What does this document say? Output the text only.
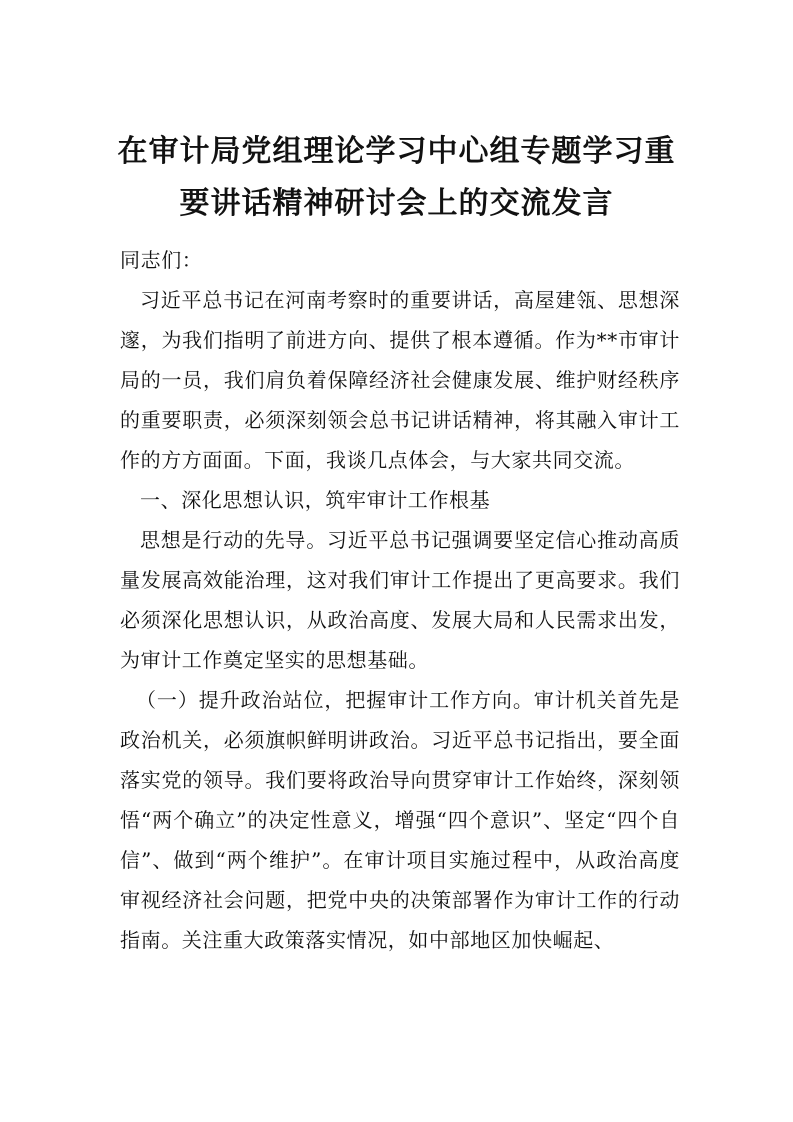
在审计局党组理论学习中心组专题学习重要讲话精神研讨会上的交流发言

同志们：

习近平总书记在河南考察时的重要讲话，高屋建瓴、思想深邃，为我们指明了前进方向、提供了根本遵循。作为**市审计局的一员，我们肩负着保障经济社会健康发展、维护财经秩序的重要职责，必须深刻领会总书记讲话精神，将其融入审计工作的方方面面。下面，我谈几点体会，与大家共同交流。

一、深化思想认识，筑牢审计工作根基

思想是行动的先导。习近平总书记强调要坚定信心推动高质量发展高效能治理，这对我们审计工作提出了更高要求。我们必须深化思想认识，从政治高度、发展大局和人民需求出发，为审计工作奠定坚实的思想基础。

（一）提升政治站位，把握审计工作方向。审计机关首先是政治机关，必须旗帜鲜明讲政治。习近平总书记指出，要全面落实党的领导。我们要将政治导向贯穿审计工作始终，深刻领悟“两个确立”的决定性意义，增强“四个意识”、坚定“四个自信”、做到“两个维护”。在审计项目实施过程中，从政治高度审视经济社会问题，把党中央的决策部署作为审计工作的行动指南。关注重大政策落实情况，如中部地区加快崛起、
